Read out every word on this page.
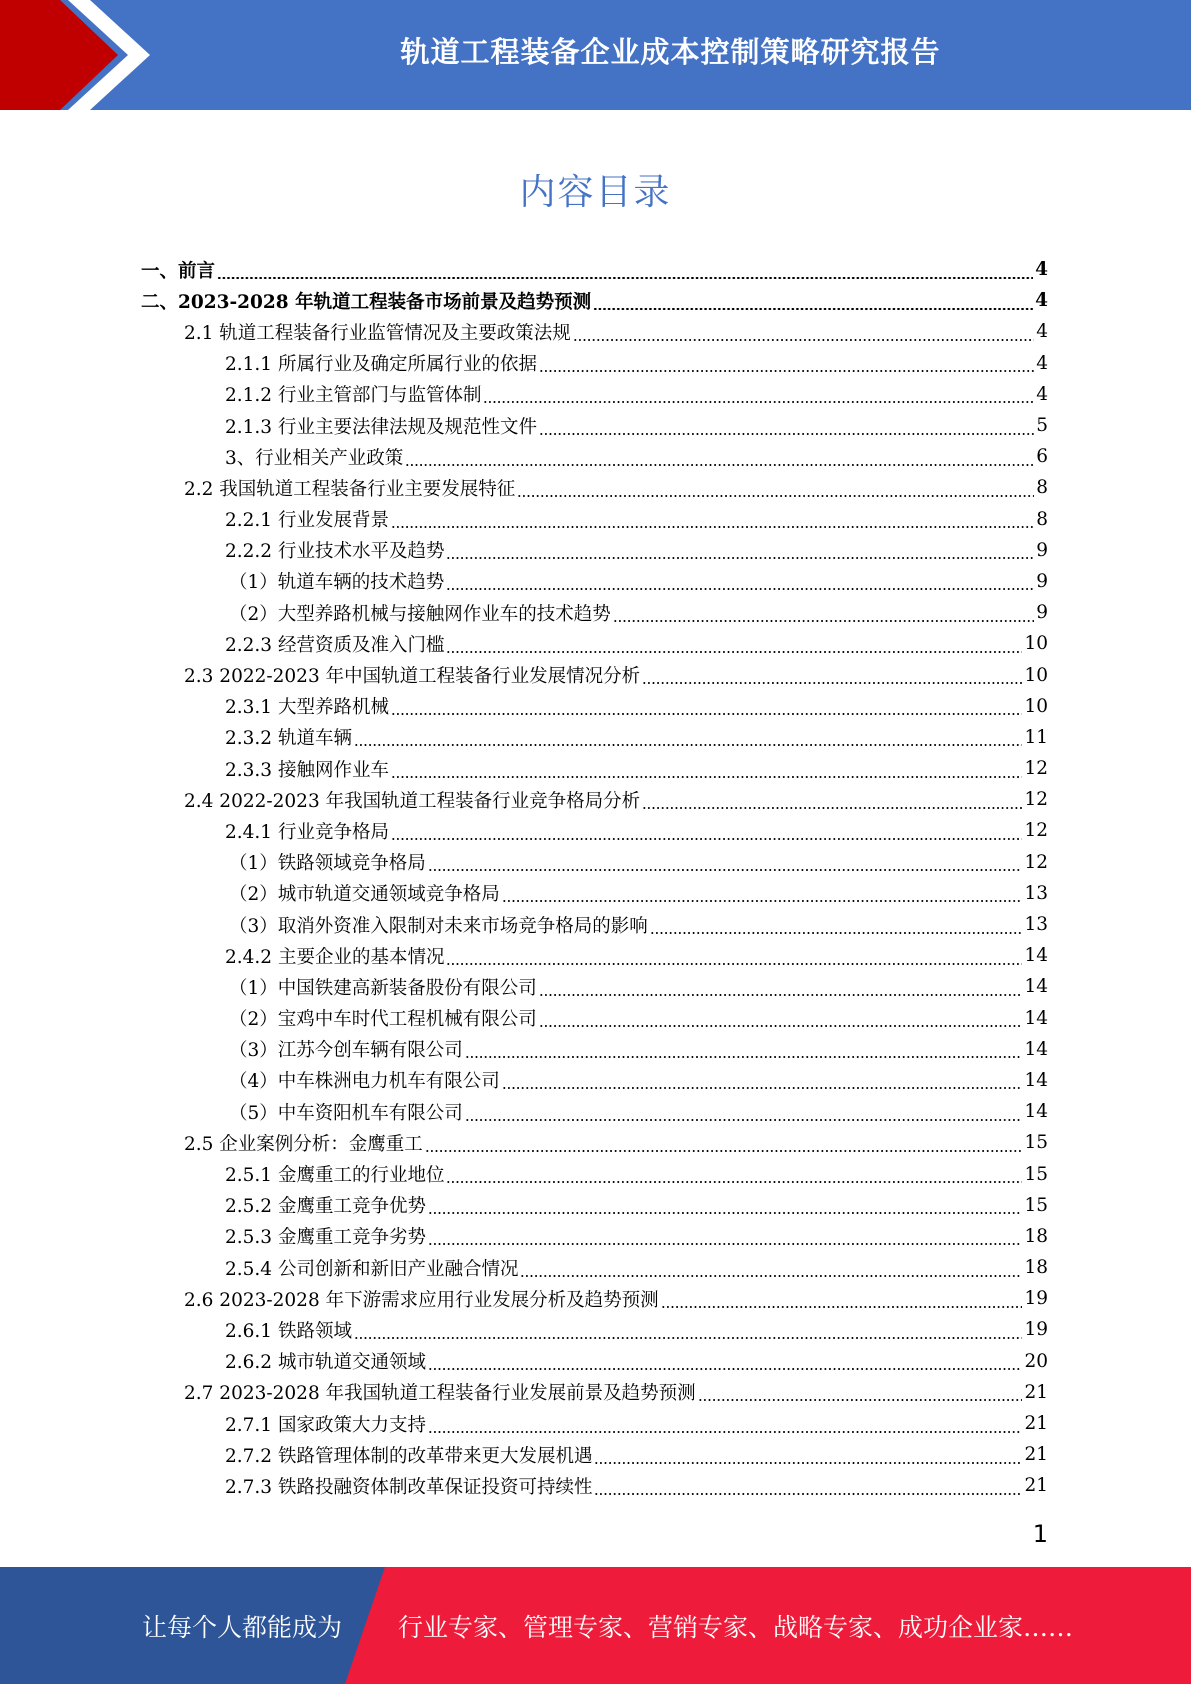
轨道工程装备企业成本控制策略研究报告
内容目录
一、前言	4
二、2023-2028 年轨道工程装备市场前景及趋势预测	4
2.1 轨道工程装备行业监管情况及主要政策法规	4
2.1.1 所属行业及确定所属行业的依据	4
2.1.2 行业主管部门与监管体制	4
2.1.3 行业主要法律法规及规范性文件	5
3、行业相关产业政策	6
2.2 我国轨道工程装备行业主要发展特征	8
2.2.1 行业发展背景	8
2.2.2 行业技术水平及趋势	9
（1）轨道车辆的技术趋势	9
（2）大型养路机械与接触网作业车的技术趋势	9
2.2.3 经营资质及准入门槛	10
2.3 2022-2023 年中国轨道工程装备行业发展情况分析	10
2.3.1 大型养路机械	10
2.3.2 轨道车辆	11
2.3.3 接触网作业车	12
2.4 2022-2023 年我国轨道工程装备行业竞争格局分析	12
2.4.1 行业竞争格局	12
（1）铁路领域竞争格局	12
（2）城市轨道交通领域竞争格局	13
（3）取消外资准入限制对未来市场竞争格局的影响	13
2.4.2 主要企业的基本情况	14
（1）中国铁建高新装备股份有限公司	14
（2）宝鸡中车时代工程机械有限公司	14
（3）江苏今创车辆有限公司	14
（4）中车株洲电力机车有限公司	14
（5）中车资阳机车有限公司	14
2.5 企业案例分析：金鹰重工	15
2.5.1 金鹰重工的行业地位	15
2.5.2 金鹰重工竞争优势	15
2.5.3 金鹰重工竞争劣势	18
2.5.4 公司创新和新旧产业融合情况	18
2.6 2023-2028 年下游需求应用行业发展分析及趋势预测	19
2.6.1 铁路领域	19
2.6.2 城市轨道交通领域	20
2.7 2023-2028 年我国轨道工程装备行业发展前景及趋势预测	21
2.7.1 国家政策大力支持	21
2.7.2 铁路管理体制的改革带来更大发展机遇	21
2.7.3 铁路投融资体制改革保证投资可持续性	21
1
让每个人都能成为 行业专家、管理专家、营销专家、战略专家、成功企业家……
